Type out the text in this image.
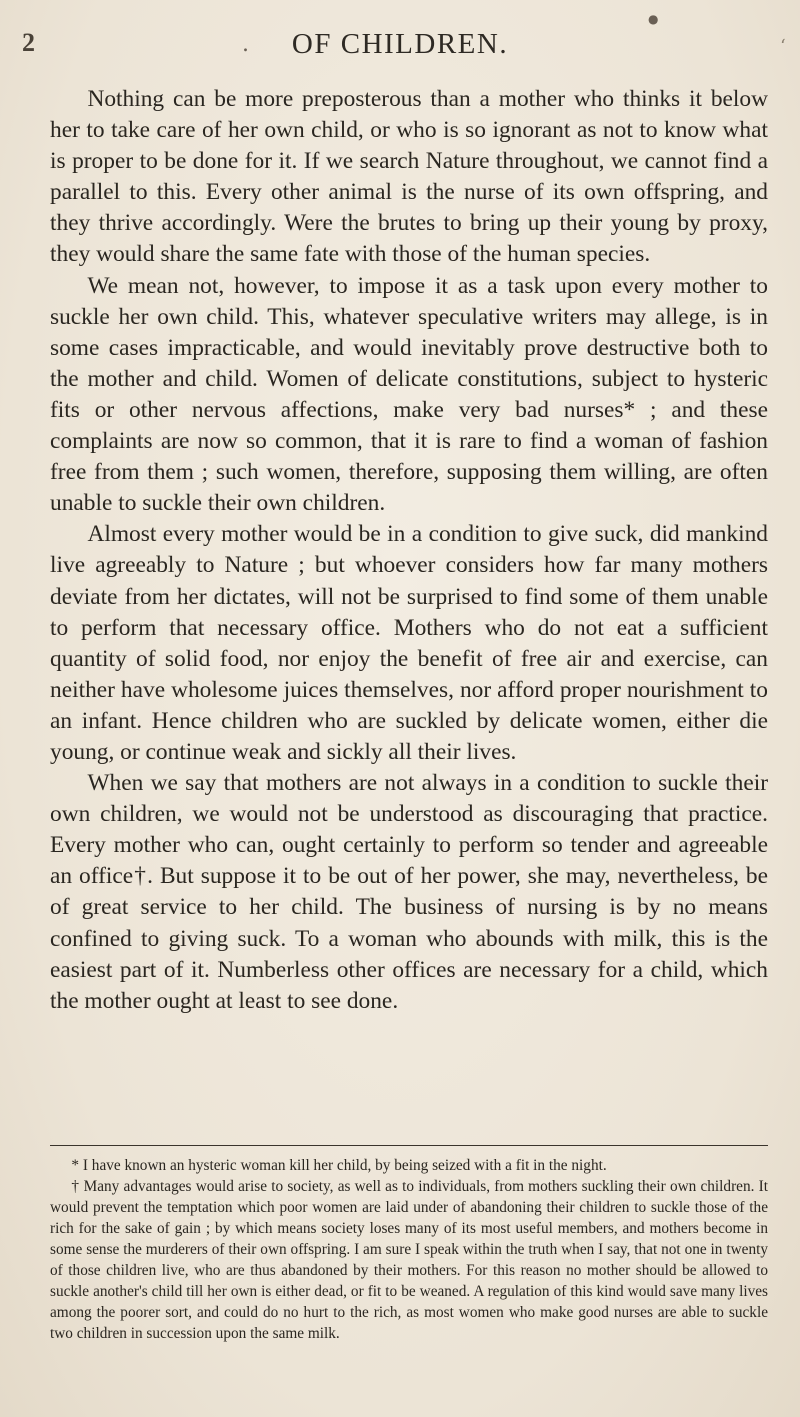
●
2	.	OF CHILDREN.	‘

Nothing can be more preposterous than a mother who thinks it below her to take care of her own child, or who is so ignorant as not to know what is proper to be done for it. If we search Nature throughout, we cannot find a parallel to this. Every other animal is the nurse of its own offspring, and they thrive accordingly. Were the brutes to bring up their young by proxy, they would share the same fate with those of the human species.

We mean not, however, to impose it as a task upon every mother to suckle her own child. This, whatever speculative writers may allege, is in some cases impracticable, and would inevitably prove destructive both to the mother and child. Women of delicate constitutions, subject to hysteric fits or other nervous affections, make very bad nurses* ; and these complaints are now so common, that it is rare to find a woman of fashion free from them ; such women, therefore, supposing them willing, are often unable to suckle their own children.

Almost every mother would be in a condition to give suck, did mankind live agreeably to Nature ; but whoever considers how far many mothers deviate from her dictates, will not be surprised to find some of them unable to perform that necessary office. Mothers who do not eat a sufficient quantity of solid food, nor enjoy the benefit of free air and exercise, can neither have wholesome juices themselves, nor afford proper nourishment to an infant. Hence children who are suckled by delicate women, either die young, or continue weak and sickly all their lives.

When we say that mothers are not always in a condition to suckle their own children, we would not be understood as discouraging that practice. Every mother who can, ought certainly to perform so tender and agreeable an office†. But suppose it to be out of her power, she may, nevertheless, be of great service to her child. The business of nursing is by no means confined to giving suck. To a woman who abounds with milk, this is the easiest part of it. Numberless other offices are necessary for a child, which the mother ought at least to see done.

* I have known an hysteric woman kill her child, by being seized with a fit in the night.

† Many advantages would arise to society, as well as to individuals, from mothers suckling their own children. It would prevent the temptation which poor women are laid under of abandoning their children to suckle those of the rich for the sake of gain ; by which means society loses many of its most useful members, and mothers become in some sense the murderers of their own offspring. I am sure I speak within the truth when I say, that not one in twenty of those children live, who are thus abandoned by their mothers. For this reason no mother should be allowed to suckle another's child till her own is either dead, or fit to be weaned. A regulation of this kind would save many lives among the poorer sort, and could do no hurt to the rich, as most women who make good nurses are able to suckle two children in succession upon the same milk.
